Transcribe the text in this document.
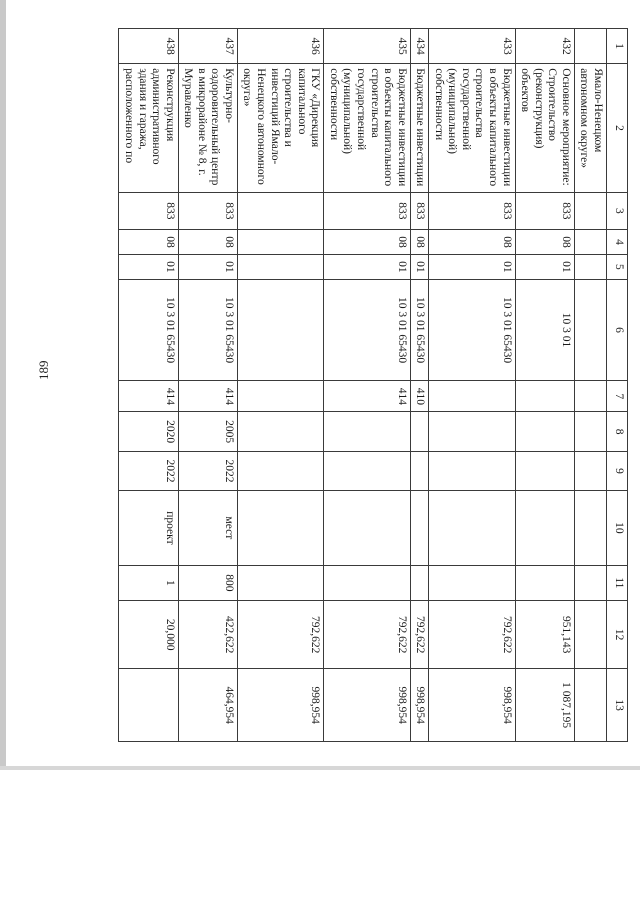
189
1	2	3	4	5	6	7	8	9	10	11	12	13
	Ямало-Ненецком автономном округе»											
432	Основное мероприятие: Строительство (реконструкция) объектов	833	08	01	10 3 01						951,143	1 087,195
433	Бюджетные инвестиции в объекты капитального строительства государственной (муниципальной) собственности	833	08	01	10 3 01 65430						792,622	998,954
434	Бюджетные инвестиции	833	08	01	10 3 01 65430	410					792,622	998,954
435	Бюджетные инвестиции в объекты капитального строительства государственной (муниципальной) собственности	833	08	01	10 3 01 65430	414					792,622	998,954
436	ГКУ «Дирекция капитального строительства и инвестиций Ямало-Ненецкого автономного округа»										792,622	998,954
437	Культурно-оздоровительный центр в микрорайоне № 8, г. Муравленко	833	08	01	10 3 01 65430	414	2005	2022	мест	800	422,622	464,954
438	Реконструкция административного здания и гаража, расположенного по	833	08	01	10 3 01 65430	414	2020	2022	проект	1	20,000	
